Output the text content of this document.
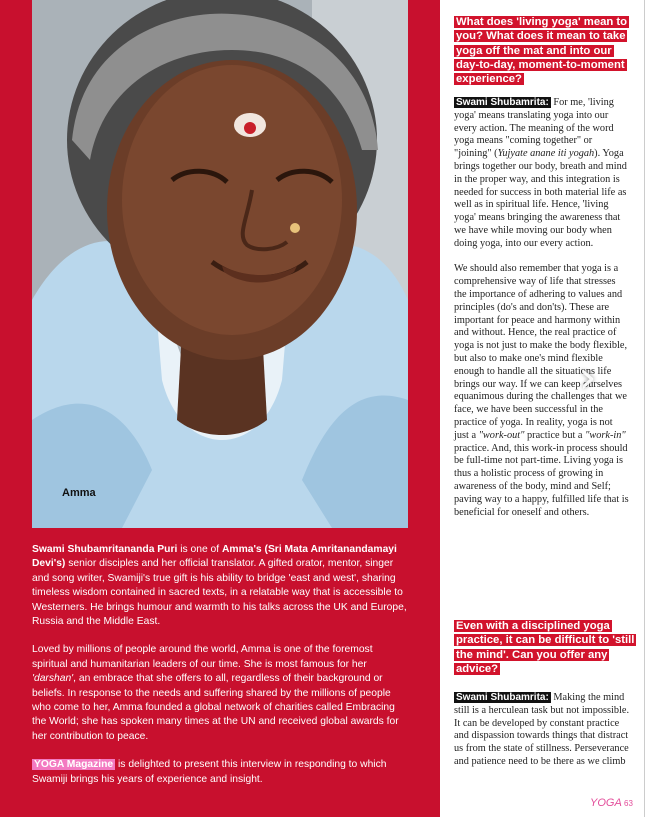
Amma

Swami Shubamritananda Puri is one of Amma's (Sri Mata Amritanandamayi Devi's) senior disciples and her official translator. A gifted orator, mentor, singer and song writer, Swamiji's true gift is his ability to bridge 'east and west', sharing timeless wisdom contained in sacred texts, in a relatable way that is accessible to Westerners. He brings humour and warmth to his talks across the UK and Europe, Russia and the Middle East.

Loved by millions of people around the world, Amma is one of the foremost spiritual and humanitarian leaders of our time. She is most famous for her 'darshan', an embrace that she offers to all, regardless of their background or beliefs. In response to the needs and suffering shared by the millions of people who come to her, Amma founded a global network of charities called Embracing the World; she has spoken many times at the UN and received global awards for her contribution to peace.

YOGA Magazine is delighted to present this interview in responding to which Swamiji brings his years of experience and insight.

What does 'living yoga' mean to you? What does it mean to take yoga off the mat and into our day-to-day, moment-to-moment experience?

Swami Shubamrita: For me, 'living yoga' means translating yoga into our every action. The meaning of the word yoga means "coming together" or "joining" (Yujyate anane iti yogah). Yoga brings together our body, breath and mind in the proper way, and this integration is needed for success in both material life as well as in spiritual life. Hence, 'living yoga' means bringing the awareness that we have while moving our body when doing yoga, into our every action.

We should also remember that yoga is a comprehensive way of life that stresses the importance of adhering to values and principles (do's and don'ts). These are important for peace and harmony within and without. Hence, the real practice of yoga is not just to make the body flexible, but also to make one's mind flexible enough to handle all the situations life brings our way. If we can keep ourselves equanimous during the challenges that we face, we have been successful in the practice of yoga. In reality, yoga is not just a "work-out" practice but a "work-in" practice. And, this work-in process should be full-time not part-time. Living yoga is thus a holistic process of growing in awareness of the body, mind and Self; paving way to a happy, fulfilled life that is beneficial for oneself and others.

Even with a disciplined yoga practice, it can be difficult to 'still the mind'. Can you offer any advice?
Swami Shubamrita: Making the mind still is a herculean task but not impossible. It can be developed by constant practice and dispassion towards things that distract us from the state of stillness. Perseverance and patience need to be there as we climb
›
YOGA 63
